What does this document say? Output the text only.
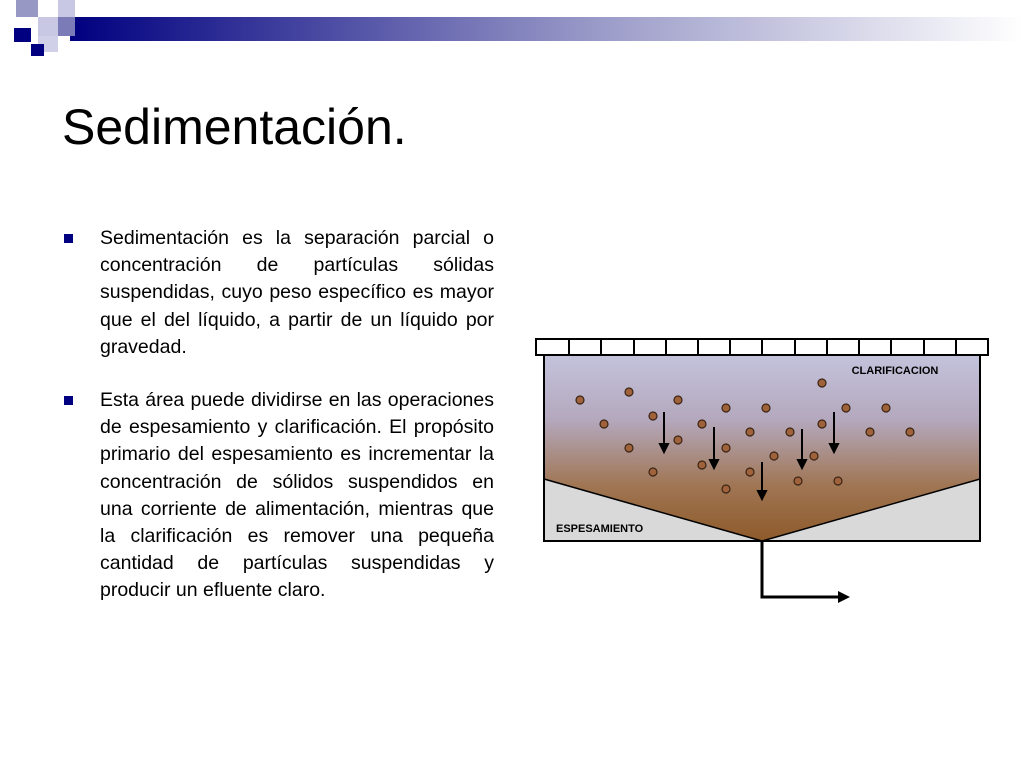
Sedimentación.
Sedimentación es la separación parcial o concentración de partículas sólidas suspendidas, cuyo peso específico es mayor que el del líquido, a partir de un líquido por gravedad.
Esta área puede dividirse en las operaciones de espesamiento y clarificación. El propósito primario del espesamiento es incrementar la concentración de sólidos suspendidos en una corriente de alimentación, mientras que la clarificación es remover una pequeña cantidad de partículas suspendidas y producir un efluente claro.
CLARIFICACION
ESPESAMIENTO
